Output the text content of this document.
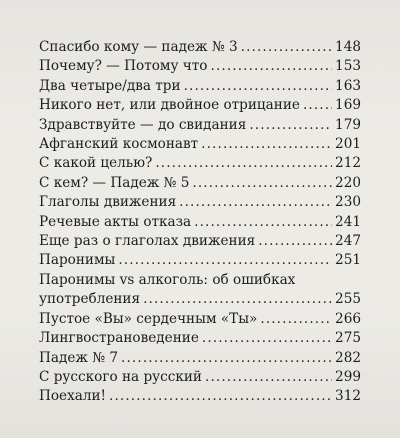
Спасибо кому — падеж № 3 . . .	148
Почему? — Потому что . . .	153
Два четыре/два три . . .	163
Никого нет, или двойное отрицание . . .	169
Здравствуйте — до свидания . . .	179
Афганский космонавт . . .	201
С какой целью? . . .	212
С кем? — Падеж № 5 . . .	220
Глаголы движения . . .	230
Речевые акты отказа . . .	241
Еще раз о глаголах движения . . .	247
Паронимы . . .	251
Паронимы vs алкоголь: об ошибках
употребления . . .	255
Пустое «Вы» сердечным «Ты» . . .	266
Лингвострановедение . . .	275
Падеж № 7 . . .	282
С русского на русский . . .	299
Поехали! . . .	312
